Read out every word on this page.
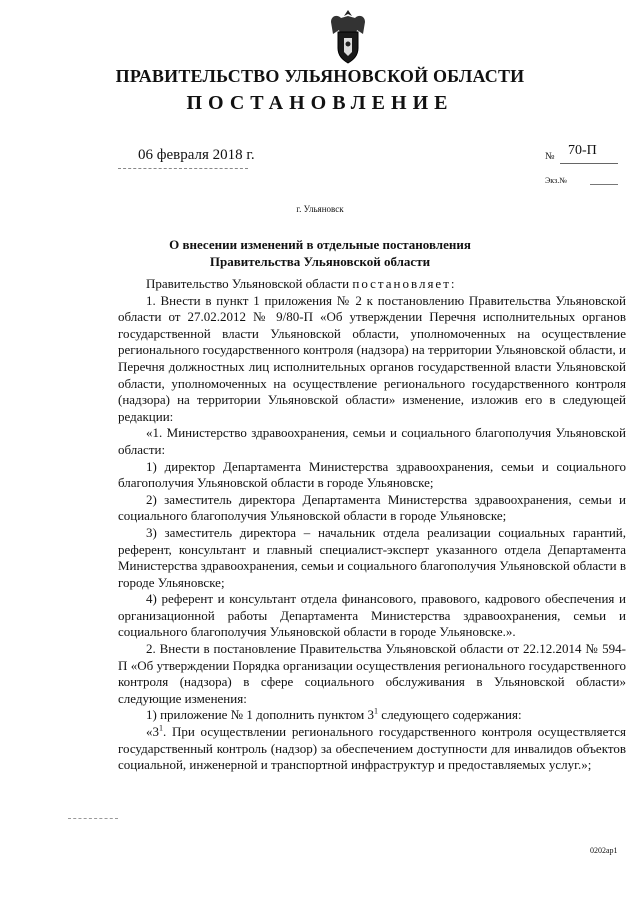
ПРАВИТЕЛЬСТВО УЛЬЯНОВСКОЙ ОБЛАСТИ
ПОСТАНОВЛЕНИЕ
06 февраля 2018 г.	№ 70-П
Экз.№
г. Ульяновск
О внесении изменений в отдельные постановления
Правительства Ульяновской области

Правительство Ульяновской области постановляет:

1. Внести в пункт 1 приложения № 2 к постановлению Правительства Ульяновской области от 27.02.2012 № 9/80-П «Об утверждении Перечня исполнительных органов государственной власти Ульяновской области, уполномоченных на осуществление регионального государственного контроля (надзора) на территории Ульяновской области, и Перечня должностных лиц исполнительных органов государственной власти Ульяновской области, уполномоченных на осуществление регионального государственного контроля (надзора) на территории Ульяновской области» изменение, изложив его в следующей редакции:

«1. Министерство здравоохранения, семьи и социального благополучия Ульяновской области:

1) директор Департамента Министерства здравоохранения, семьи и социального благополучия Ульяновской области в городе Ульяновске;

2) заместитель директора Департамента Министерства здравоохранения, семьи и социального благополучия Ульяновской области в городе Ульяновске;

3) заместитель директора – начальник отдела реализации социальных гарантий, референт, консультант и главный специалист-эксперт указанного отдела Департамента Министерства здравоохранения, семьи и социального благополучия Ульяновской области в городе Ульяновске;

4) референт и консультант отдела финансового, правового, кадрового обеспечения и организационной работы Департамента Министерства здравоохранения, семьи и социального благополучия Ульяновской области в городе Ульяновске.».

2. Внести в постановление Правительства Ульяновской области от 22.12.2014 № 594-П «Об утверждении Порядка организации осуществления регионального государственного контроля (надзора) в сфере социального обслуживания в Ульяновской области» следующие изменения:

1) приложение № 1 дополнить пунктом $3^1$ следующего содержания:

«$3^1$. При осуществлении регионального государственного контроля осуществляется государственный контроль (надзор) за обеспечением доступности для инвалидов объектов социальной, инженерной и транспортной инфраструктур и предоставляемых услуг.»;

0202ар1
